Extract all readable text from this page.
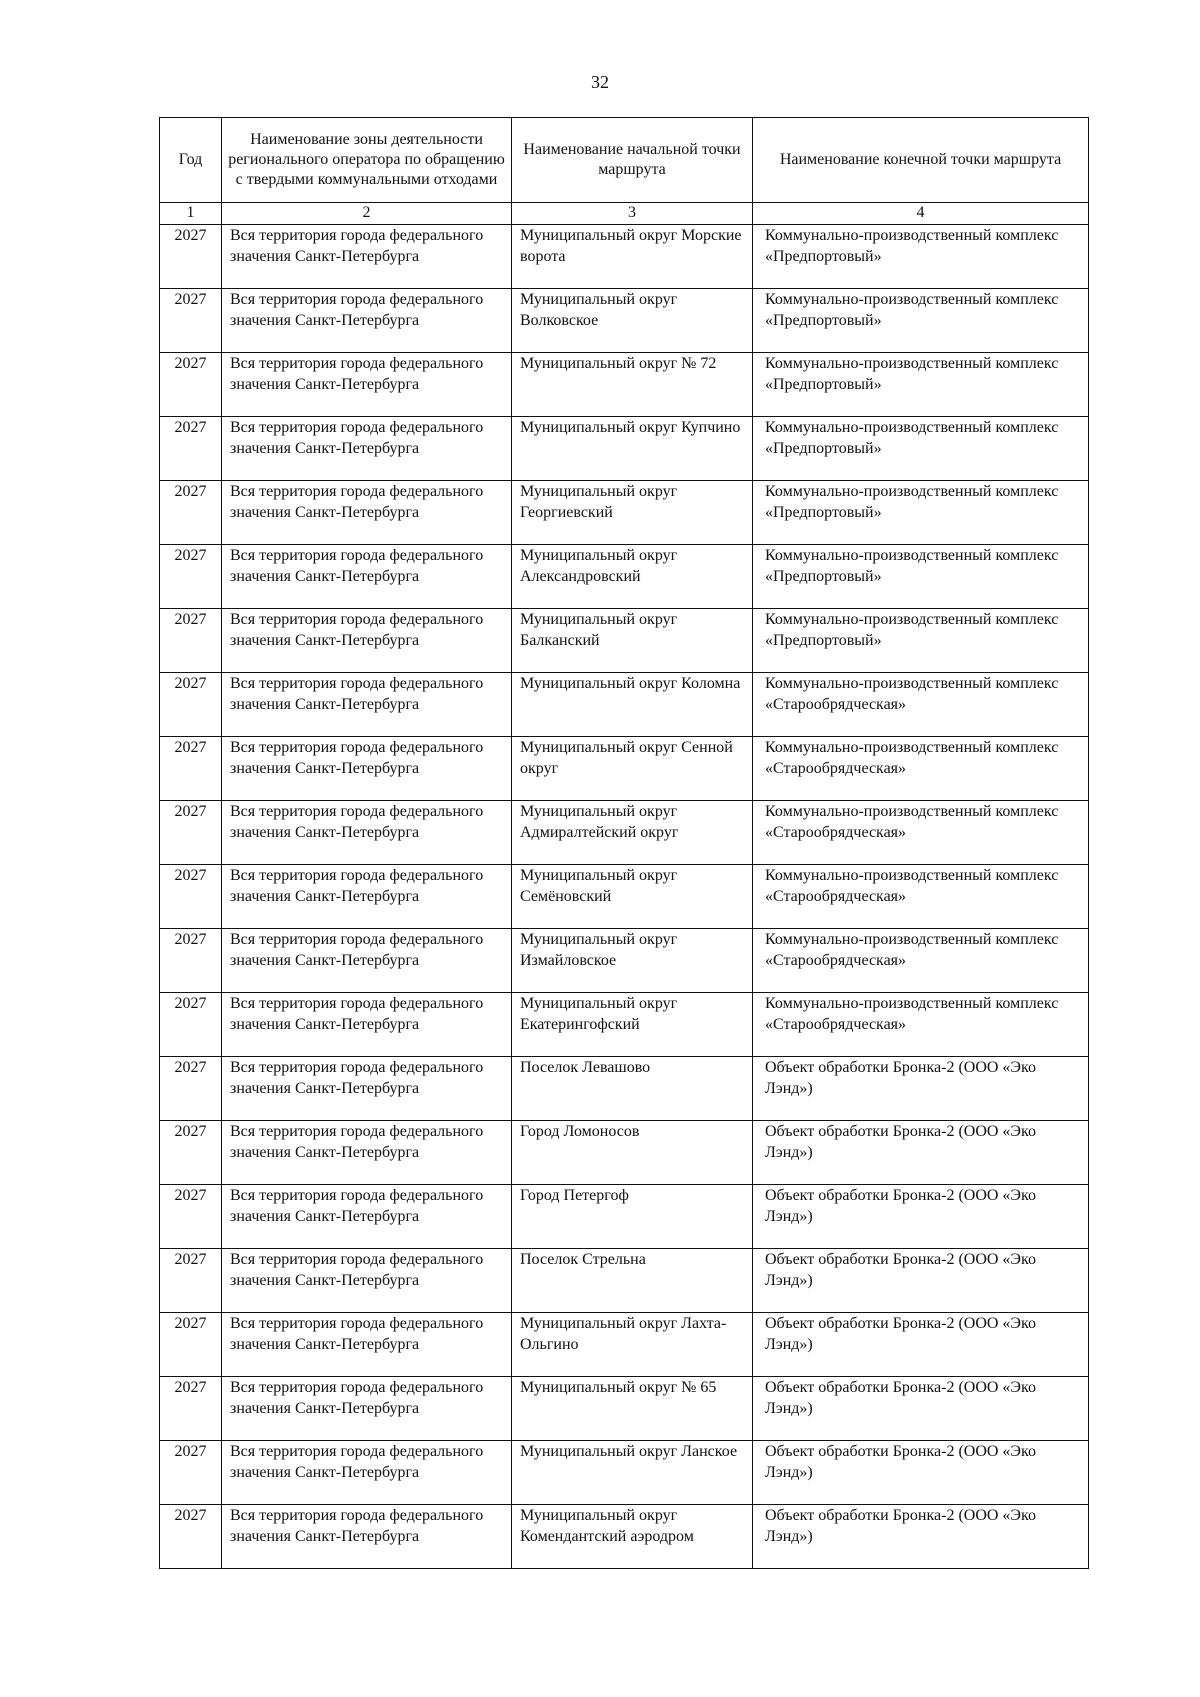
32
Год	Наименование зоны деятельности регионального оператора по обращению с твердыми коммунальными отходами	Наименование начальной точки маршрута	Наименование конечной точки маршрута
1	2	3	4
2027	Вся территория города федерального значения Санкт-Петербурга	Муниципальный округ Морские ворота	Коммунально-производственный комплекс «Предпортовый»
2027	Вся территория города федерального значения Санкт-Петербурга	Муниципальный округ Волковское	Коммунально-производственный комплекс «Предпортовый»
2027	Вся территория города федерального значения Санкт-Петербурга	Муниципальный округ № 72	Коммунально-производственный комплекс «Предпортовый»
2027	Вся территория города федерального значения Санкт-Петербурга	Муниципальный округ Купчино	Коммунально-производственный комплекс «Предпортовый»
2027	Вся территория города федерального значения Санкт-Петербурга	Муниципальный округ Георгиевский	Коммунально-производственный комплекс «Предпортовый»
2027	Вся территория города федерального значения Санкт-Петербурга	Муниципальный округ Александровский	Коммунально-производственный комплекс «Предпортовый»
2027	Вся территория города федерального значения Санкт-Петербурга	Муниципальный округ Балканский	Коммунально-производственный комплекс «Предпортовый»
2027	Вся территория города федерального значения Санкт-Петербурга	Муниципальный округ Коломна	Коммунально-производственный комплекс «Старообрядческая»
2027	Вся территория города федерального значения Санкт-Петербурга	Муниципальный округ Сенной округ	Коммунально-производственный комплекс «Старообрядческая»
2027	Вся территория города федерального значения Санкт-Петербурга	Муниципальный округ Адмиралтейский округ	Коммунально-производственный комплекс «Старообрядческая»
2027	Вся территория города федерального значения Санкт-Петербурга	Муниципальный округ Семёновский	Коммунально-производственный комплекс «Старообрядческая»
2027	Вся территория города федерального значения Санкт-Петербурга	Муниципальный округ Измайловское	Коммунально-производственный комплекс «Старообрядческая»
2027	Вся территория города федерального значения Санкт-Петербурга	Муниципальный округ Екатерингофский	Коммунально-производственный комплекс «Старообрядческая»
2027	Вся территория города федерального значения Санкт-Петербурга	Поселок Левашово	Объект обработки Бронка-2 (ООО «Эко Лэнд»)
2027	Вся территория города федерального значения Санкт-Петербурга	Город Ломоносов	Объект обработки Бронка-2 (ООО «Эко Лэнд»)
2027	Вся территория города федерального значения Санкт-Петербурга	Город Петергоф	Объект обработки Бронка-2 (ООО «Эко Лэнд»)
2027	Вся территория города федерального значения Санкт-Петербурга	Поселок Стрельна	Объект обработки Бронка-2 (ООО «Эко Лэнд»)
2027	Вся территория города федерального значения Санкт-Петербурга	Муниципальный округ Лахта-Ольгино	Объект обработки Бронка-2 (ООО «Эко Лэнд»)
2027	Вся территория города федерального значения Санкт-Петербурга	Муниципальный округ № 65	Объект обработки Бронка-2 (ООО «Эко Лэнд»)
2027	Вся территория города федерального значения Санкт-Петербурга	Муниципальный округ Ланское	Объект обработки Бронка-2 (ООО «Эко Лэнд»)
2027	Вся территория города федерального значения Санкт-Петербурга	Муниципальный округ Комендантский аэродром	Объект обработки Бронка-2 (ООО «Эко Лэнд»)
